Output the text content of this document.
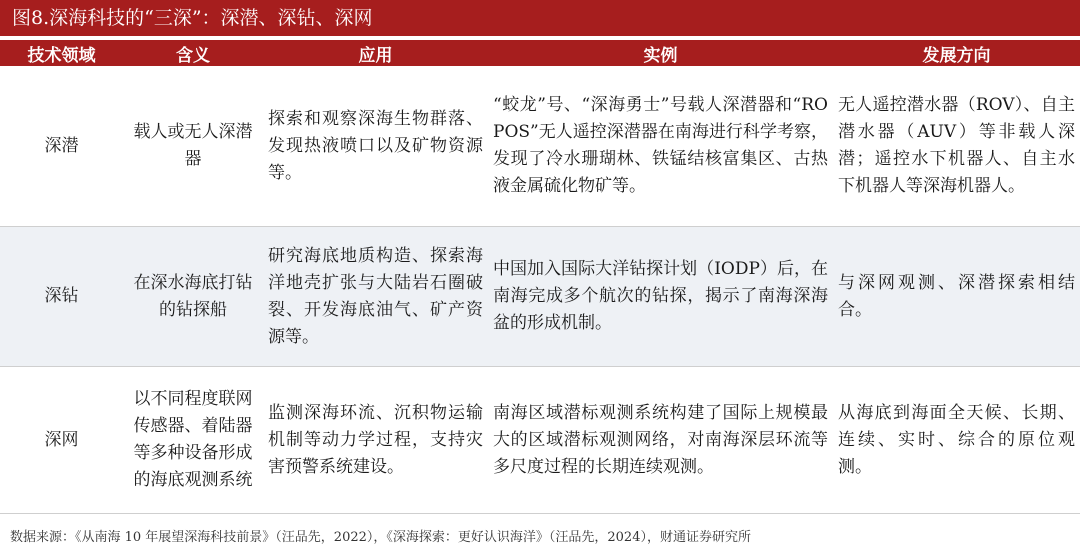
图8.深海科技的“三深”：深潜、深钻、深网
技术领域	含义	应用	实例	发展方向
深潜	载人或无人深潜器	探索和观察深海生物群落、发现热液喷口以及矿物资源等。	“蛟龙”号、“深海勇士”号载人深潜器和“ROPOS”无人遥控深潜器在南海进行科学考察，发现了冷水珊瑚林、铁锰结核富集区、古热液金属硫化物矿等。	无人遥控潜水器（ROV）、自主潜水器（AUV）等非载人深潜；遥控水下机器人、自主水下机器人等深海机器人。
深钻	在深水海底打钻的钻探船	研究海底地质构造、探索海洋地壳扩张与大陆岩石圈破裂、开发海底油气、矿产资源等。	中国加入国际大洋钻探计划（IODP）后，在南海完成多个航次的钻探，揭示了南海深海盆的形成机制。	与深网观测、深潜探索相结合。
深网	以不同程度联网传感器、着陆器等多种设备形成的海底观测系统	监测深海环流、沉积物运输机制等动力学过程，支持灾害预警系统建设。	南海区域潜标观测系统构建了国际上规模最大的区域潜标观测网络，对南海深层环流等多尺度过程的长期连续观测。	从海底到海面全天候、长期、连续、实时、综合的原位观测。
数据来源：《从南海 10 年展望深海科技前景》（汪品先，2022），《深海探索：更好认识海洋》（汪品先，2024），财通证券研究所
